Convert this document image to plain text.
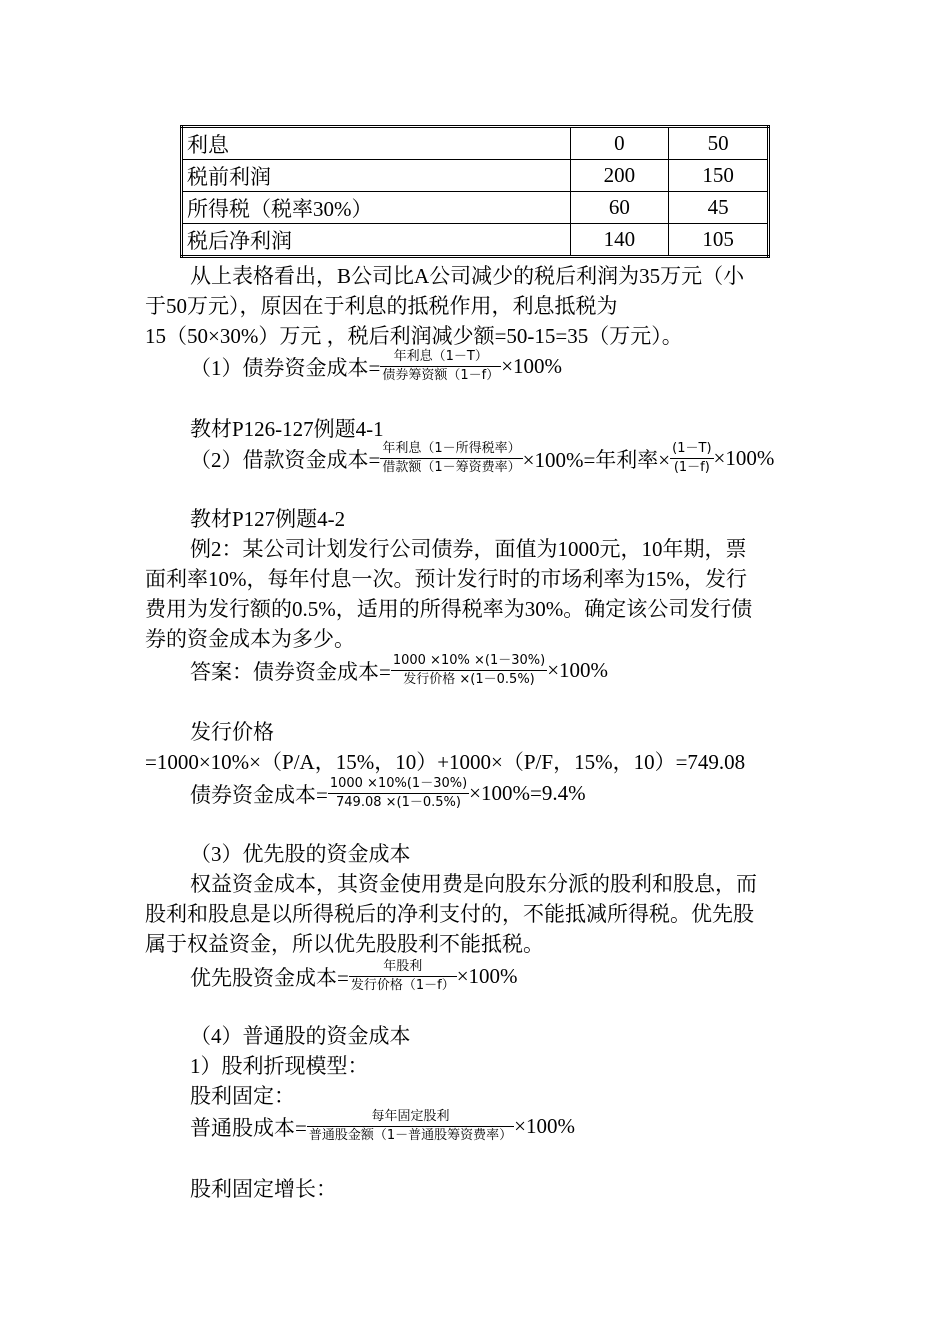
利息	0	50
税前利润	200	150
所得税（税率30%）	60	45
税后净利润	140	105
从上表格看出，B公司比A公司减少的税后利润为35万元（小
于50万元），原因在于利息的抵税作用，利息抵税为
15（50×30%）万元 ，税后利润减少额=50-15=35（万元）。
（1）债券资金成本= $\frac{\text{年利息（1－T）}}{\text{债券筹资额（1－f）}} \times 100\%$
教材P126-127例题4-1
（2）借款资金成本= $\frac{\text{年利息（1－所得税率）}}{\text{借款额（1－筹资费率）}} \times 100\%=$年利率× $\frac{(1-T)}{(1-f)} \times 100\%$
教材P127例题4-2
例2：某公司计划发行公司债券，面值为1000元，10年期，票
面利率10%，每年付息一次。预计发行时的市场利率为15%，发行
费用为发行额的0.5%，适用的所得税率为30%。确定该公司发行债
券的资金成本为多少。
答案：债券资金成本= $\frac{1000 \times 10\% \times(1-30\%)}{\text{发行价格 ×(1－0.5\%)}} \times 100\%$
发行价格
=1000×10%×（P/A，15%，10）+1000×（P/F，15%，10）=749.08
债券资金成本= $\frac{1000 \times 10\%(1-30\%)}{749.08 \times(1-0.5\%)} \times 100\%=9.4\%$
（3）优先股的资金成本
权益资金成本，其资金使用费是向股东分派的股利和股息，而
股利和股息是以所得税后的净利支付的，不能抵减所得税。优先股
属于权益资金，所以优先股股利不能抵税。
优先股资金成本= $\frac{\text{年股利}}{\text{发行价格（1－f）}} \times 100\%$
（4）普通股的资金成本
1）股利折现模型：
股利固定：
普通股成本= $\frac{\text{每年固定股利}}{\text{普通股金额（1－普通股筹资费率）}} \times 100\%$
股利固定增长：
